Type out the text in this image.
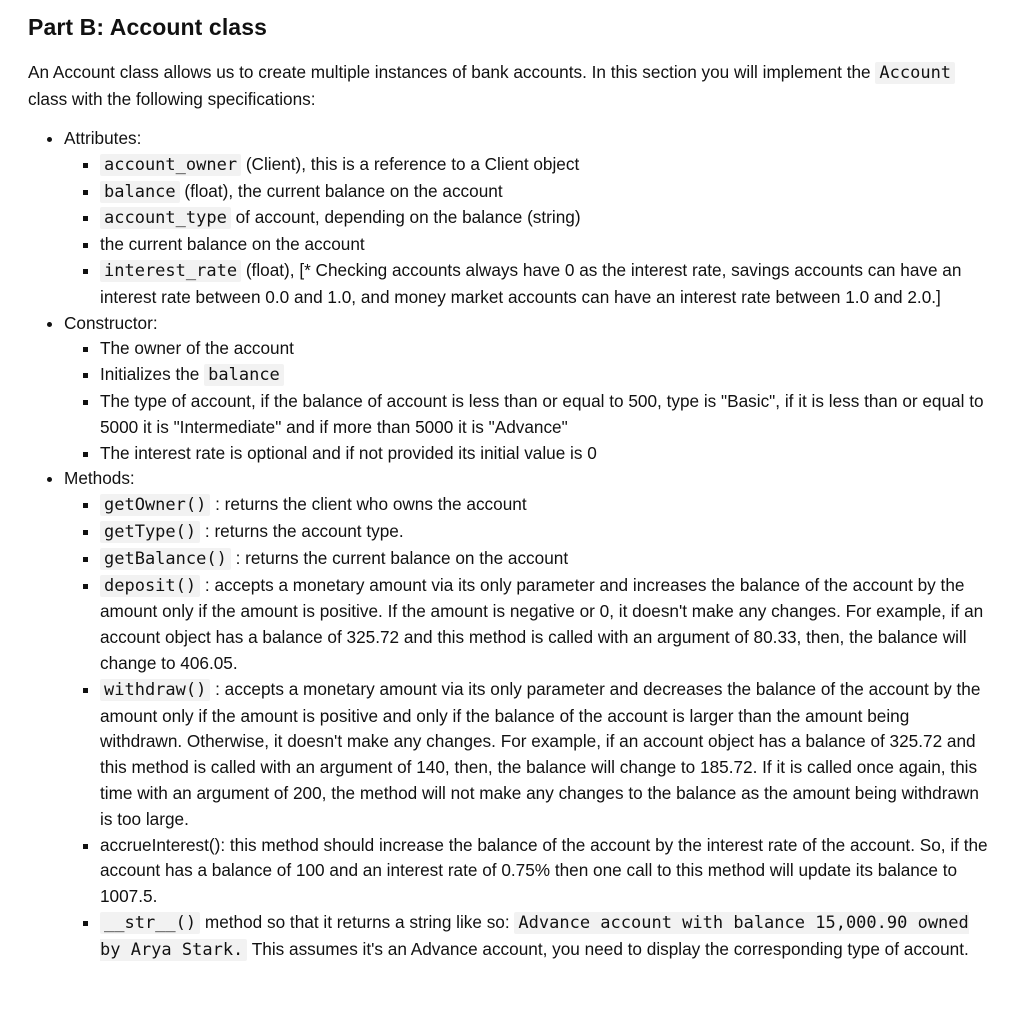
Part B: Account class

An Account class allows us to create multiple instances of bank accounts. In this section you will implement the Account class with the following specifications:

• Attributes:
▪ account_owner (Client), this is a reference to a Client object
▪ balance (float), the current balance on the account
▪ account_type of account, depending on the balance (string)
▪ the current balance on the account
▪ interest_rate (float), [* Checking accounts always have 0 as the interest rate, savings accounts can have an interest rate between 0.0 and 1.0, and money market accounts can have an interest rate between 1.0 and 2.0.]
• Constructor:
▪ The owner of the account
▪ Initializes the balance
▪ The type of account, if the balance of account is less than or equal to 500, type is "Basic", if it is less than or equal to 5000 it is "Intermediate" and if more than 5000 it is "Advance"
▪ The interest rate is optional and if not provided its initial value is 0
• Methods:
▪ getOwner() : returns the client who owns the account
▪ getType() : returns the account type.
▪ getBalance() : returns the current balance on the account
▪ deposit() : accepts a monetary amount via its only parameter and increases the balance of the account by the amount only if the amount is positive. If the amount is negative or 0, it doesn't make any changes. For example, if an account object has a balance of 325.72 and this method is called with an argument of 80.33, then, the balance will change to 406.05.
▪ withdraw() : accepts a monetary amount via its only parameter and decreases the balance of the account by the amount only if the amount is positive and only if the balance of the account is larger than the amount being withdrawn. Otherwise, it doesn't make any changes. For example, if an account object has a balance of 325.72 and this method is called with an argument of 140, then, the balance will change to 185.72. If it is called once again, this time with an argument of 200, the method will not make any changes to the balance as the amount being withdrawn is too large.
▪ accrueInterest(): this method should increase the balance of the account by the interest rate of the account. So, if the account has a balance of 100 and an interest rate of 0.75% then one call to this method will update its balance to 1007.5.
▪ __str__() method so that it returns a string like so: Advance account with balance 15,000.90 owned by Arya Stark. This assumes it's an Advance account, you need to display the corresponding type of account.
